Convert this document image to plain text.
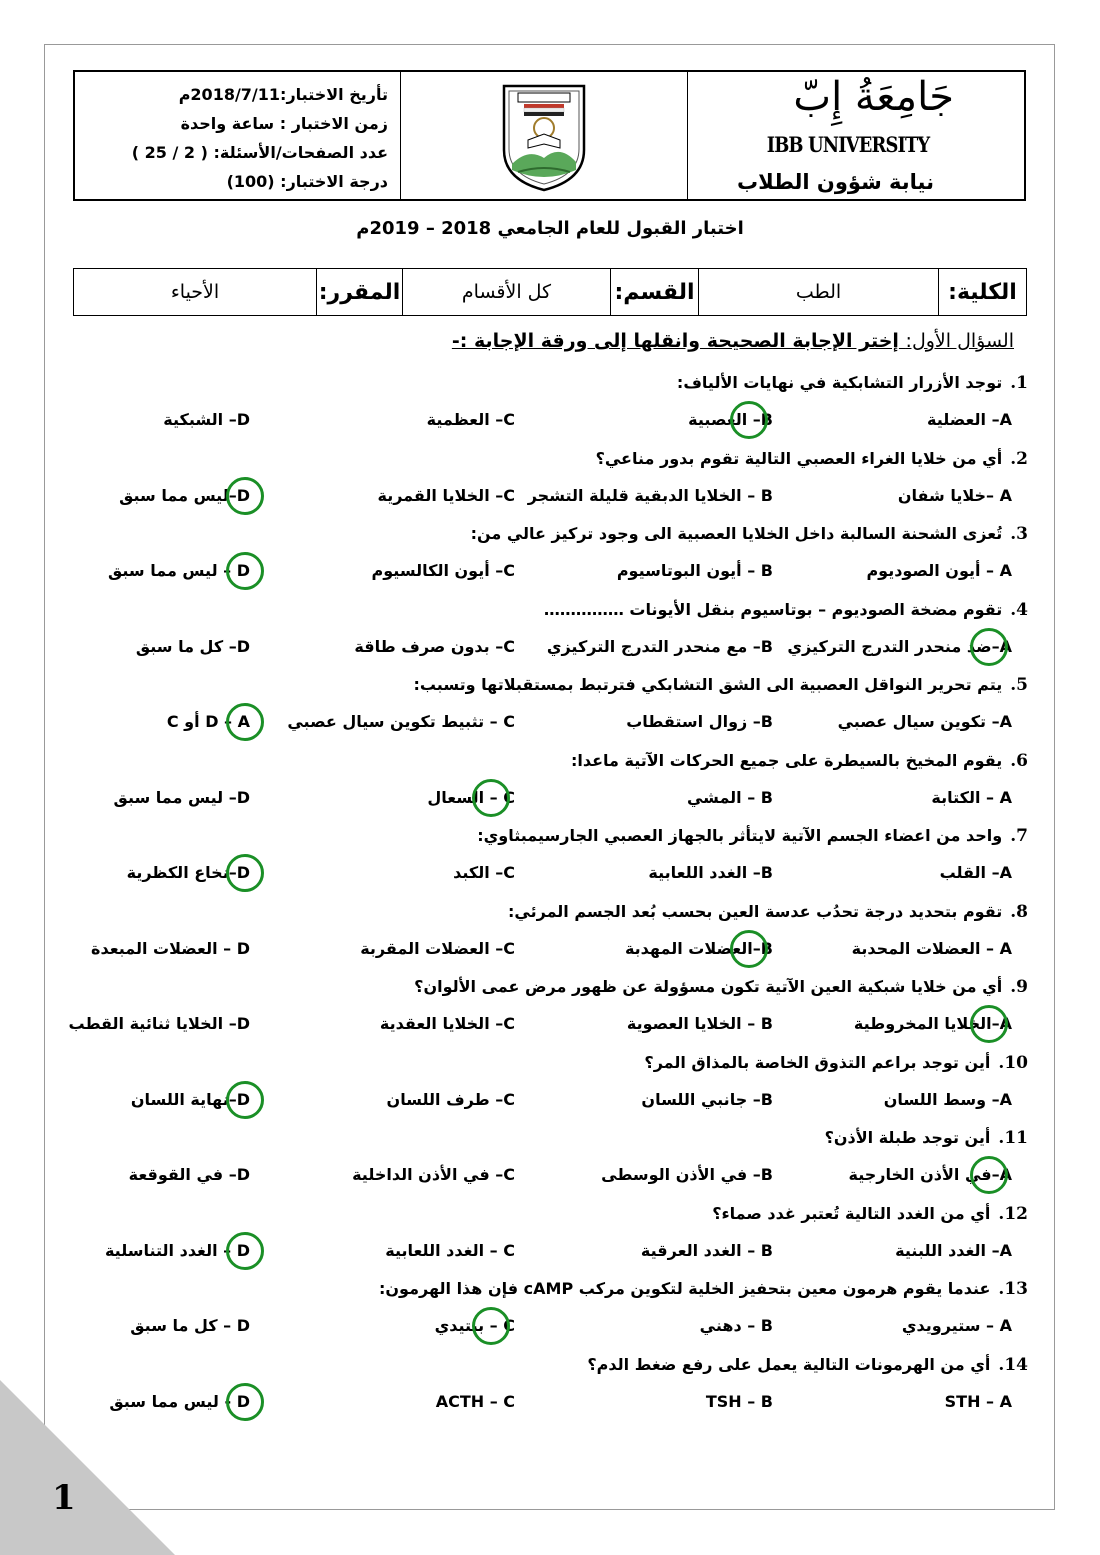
تأريخ الاختبار:2018/7/11م
زمن الاختبار : ساعة واحدة
عدد الصفحات/الأسئلة: ( 2 / 25 )
درجة الاختبار: (100)
جَامِعَةُ إِبّ
IBB UNIVERSITY
نيابة شؤون الطلاب
اختبار القبول للعام الجامعي 2018 – 2019م
الكلية:
الطب
القسم:
كل الأقسام
المقرر:
الأحياء
السؤال الأول: إختر الإجابة الصحيحة وانقلها إلى ورقة الإجابة :-
1.توجد الأزرار التشابكية في نهايات الألياف:
A– العضلية
B– العصبية
C– العظمية
D– الشبكية
2.أي من خلايا الغراء العصبي التالية تقوم بدور مناعي؟
A –خلايا شفان
B – الخلايا الدبقية قليلة التشجر
C– الخلايا القمرية
D–ليس مما سبق
3.تُعزى الشحنة السالبة داخل الخلايا العصبية الى وجود تركيز عالي من:
A – أيون الصوديوم
B – أيون البوتاسيوم
C– أيون الكالسيوم
D – ليس مما سبق
4.تقوم مضخة الصوديوم – بوتاسيوم بنقل الأيونات ……………
A–ضد منحدر التدرج التركيزي
B– مع منحدر التدرج التركيزي
C– بدون صرف طاقة
D– كل ما سبق
5.يتم تحرير النواقل العصبية الى الشق التشابكي فترتبط بمستقبلاتها وتسبب:
A– تكوين سيال عصبي
B– زوال استقطاب
C – تثبيط تكوين سيال عصبي
D – A أو C
6.يقوم المخيخ بالسيطرة على جميع الحركات الآتية ماعدا:
A – الكتابة
B – المشي
C – السعال
D– ليس مما سبق
7.واحد من اعضاء الجسم الآتية لايتأثر بالجهاز العصبي الجارسيمبثاوي:
A– القلب
B– الغدد اللعابية
C– الكبد
D–نخاع الكظرية
8.تقوم بتحديد درجة تحدُب عدسة العين بحسب بُعد الجسم المرئي:
A – العضلات المحدبة
B–العضلات المهدبة
C– العضلات المقربة
D – العضلات المبعدة
9.أي من خلايا شبكية العين الآتية تكون مسؤولة عن ظهور مرض عمى الألوان؟
A–الخلايا المخروطية
B – الخلايا العصوية
C– الخلايا العقدية
D– الخلايا ثنائية القطب
10.أين توجد براعم التذوق الخاصة بالمذاق المر؟
A– وسط اللسان
B– جانبي اللسان
C– طرف اللسان
D–نهاية اللسان
11.أين توجد طبلة الأذن؟
A–في الأذن الخارجية
B– في الأذن الوسطى
C– في الأذن الداخلية
D– في القوقعة
12.أي من الغدد التالية تُعتبر غدد صماء؟
A– الغدد اللبنية
B – الغدد العرقية
C – الغدد اللعابية
D – الغدد التناسلية
13.عندما يقوم هرمون معين بتحفيز الخلية لتكوين مركب cAMP فإن هذا الهرمون:
A – ستيرويدي
B – دهني
C – ببتيدي
D – كل ما سبق
14.أي من الهرمونات التالية يعمل على رفع ضغط الدم؟
STH – A
TSH – B
ACTH – C
D - ليس مما سبق
1
